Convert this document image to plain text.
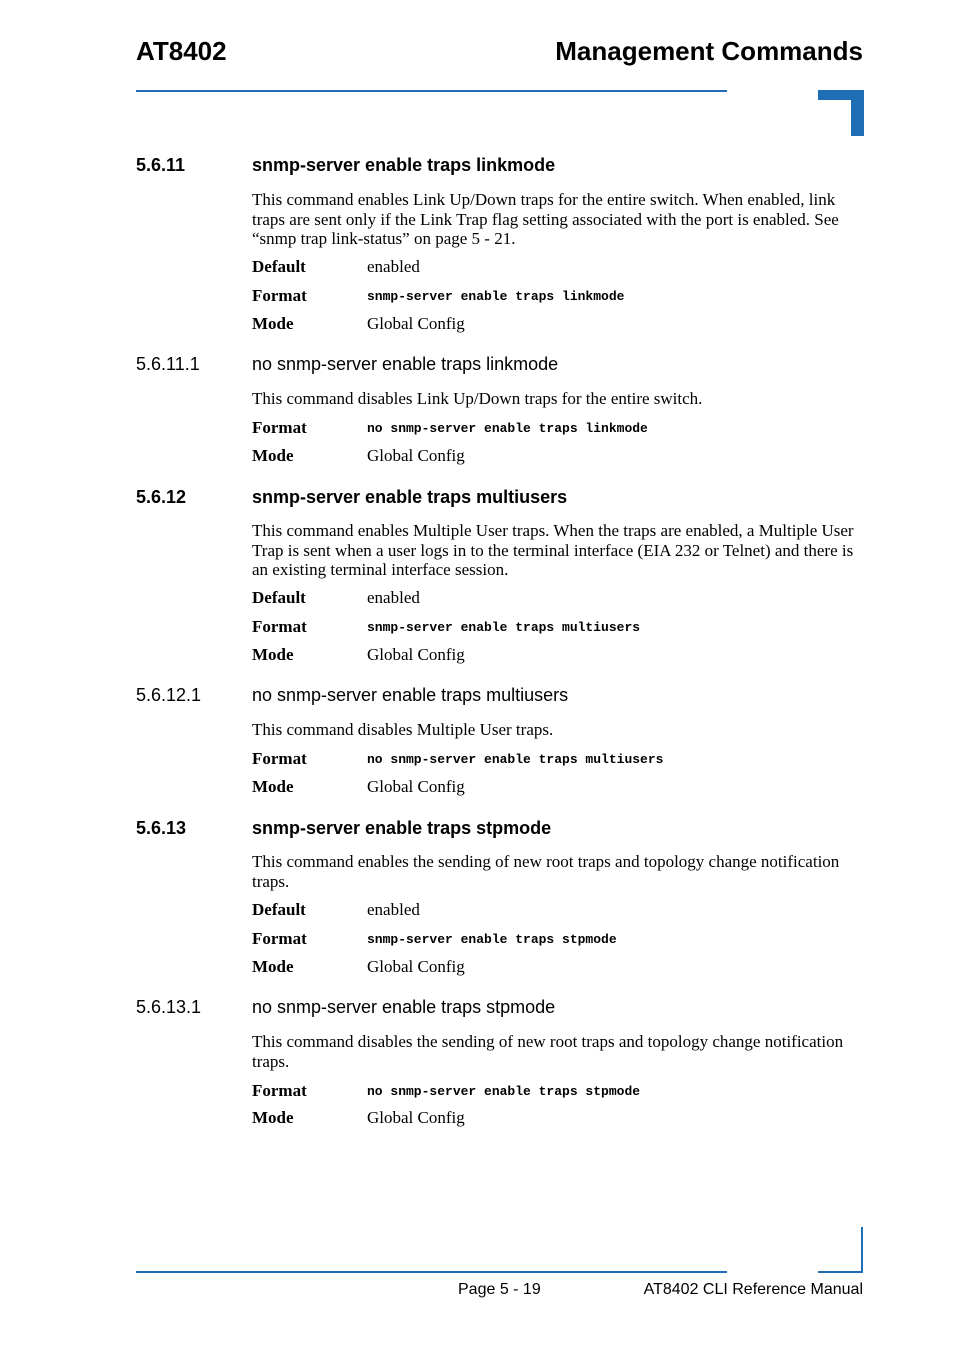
AT8402	Management Commands
5.6.11	snmp-server enable traps linkmode
This command enables Link Up/Down traps for the entire switch. When enabled, link traps are sent only if the Link Trap flag setting associated with the port is enabled. See “snmp trap link-status” on page 5 - 21.
Default	enabled
Format	snmp-server enable traps linkmode
Mode	Global Config
5.6.11.1	no snmp-server enable traps linkmode
This command disables Link Up/Down traps for the entire switch.
Format	no snmp-server enable traps linkmode
Mode	Global Config
5.6.12	snmp-server enable traps multiusers
This command enables Multiple User traps. When the traps are enabled, a Multiple User Trap is sent when a user logs in to the terminal interface (EIA 232 or Telnet) and there is an existing terminal interface session.
Default	enabled
Format	snmp-server enable traps multiusers
Mode	Global Config
5.6.12.1	no snmp-server enable traps multiusers
This command disables Multiple User traps.
Format	no snmp-server enable traps multiusers
Mode	Global Config
5.6.13	snmp-server enable traps stpmode
This command enables the sending of new root traps and topology change notification traps.
Default	enabled
Format	snmp-server enable traps stpmode
Mode	Global Config
5.6.13.1	no snmp-server enable traps stpmode
This command disables the sending of new root traps and topology change notification traps.
Format	no snmp-server enable traps stpmode
Mode	Global Config
Page 5 - 19	AT8402 CLI Reference Manual
